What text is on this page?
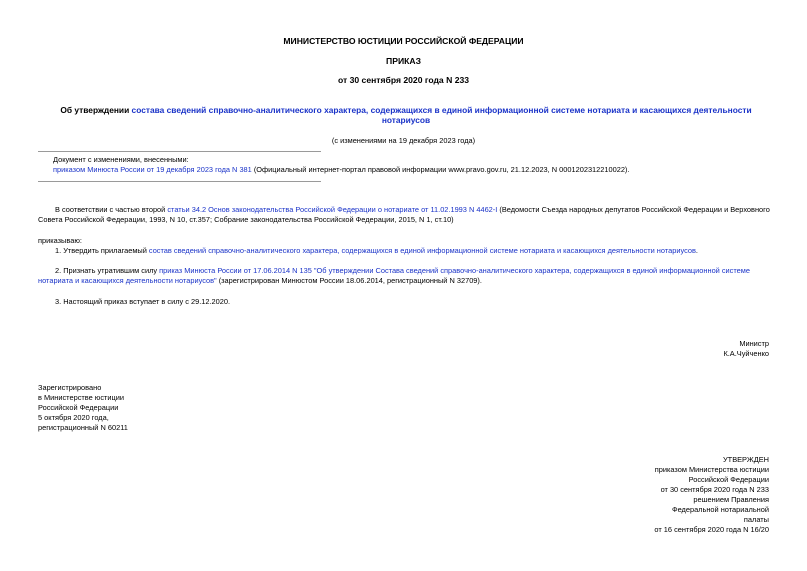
МИНИСТЕРСТВО ЮСТИЦИИ РОССИЙСКОЙ ФЕДЕРАЦИИ
ПРИКАЗ
от 30 сентября 2020 года N 233
Об утверждении состава сведений справочно-аналитического характера, содержащихся в единой информационной системе нотариата и касающихся деятельности нотариусов
(с изменениями на 19 декабря 2023 года)
Документ с изменениями, внесенными:
приказом Минюста России от 19 декабря 2023 года N 381 (Официальный интернет-портал правовой информации www.pravo.gov.ru, 21.12.2023, N 0001202312210022).
В соответствии с частью второй статьи 34.2 Основ законодательства Российской Федерации о нотариате от 11.02.1993 N 4462-I (Ведомости Съезда народных депутатов Российской Федерации и Верховного Совета Российской Федерации, 1993, N 10, ст.357; Собрание законодательства Российской Федерации, 2015, N 1, ст.10)
приказываю:
1. Утвердить прилагаемый состав сведений справочно-аналитического характера, содержащихся в единой информационной системе нотариата и касающихся деятельности нотариусов.
2. Признать утратившим силу приказ Минюста России от 17.06.2014 N 135 "Об утверждении Состава сведений справочно-аналитического характера, содержащихся в единой информационной системе нотариата и касающихся деятельности нотариусов" (зарегистрирован Минюстом России 18.06.2014, регистрационный N 32709).
3. Настоящий приказ вступает в силу с 29.12.2020.
Министр
К.А.Чуйченко
Зарегистрировано
в Министерстве юстиции
Российской Федерации
5 октября 2020 года,
регистрационный N 60211
УТВЕРЖДЕН
приказом Министерства юстиции
Российской Федерации
от 30 сентября 2020 года N 233
решением Правления
Федеральной нотариальной
палаты
от 16 сентября 2020 года N 16/20
